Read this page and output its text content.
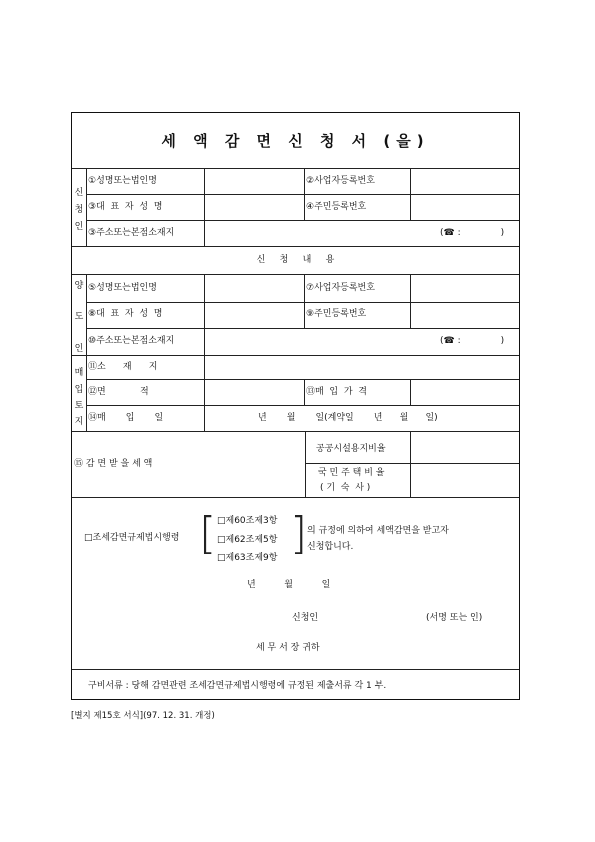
세 액 감 면 신 청 서 (을)
신
청
인
①성명또는법인명	②사업자등록번호
③대  표  자  성  명	④주민등록번호
③주소또는본점소재지	(☎ :              )
신     청     내     용
양
도
인
⑤성명또는법인명	⑦사업자등록번호
⑧대  표  자  성  명	⑨주민등록번호
⑩주소또는본점소재지	(☎ :              )
매
입
토
지
⑪소      재      지
⑫면            적	⑬매  입  가  격
⑭매       입       일	년       월       일(계약일       년      월      일)
⑮ 감 면 받 을 세 액
공공시설용지비율
국 민 주 택 비 율
( 기  숙  사 )
□조세감면규제법시행령 [ □제60조제3항
□제62조제5항
□제63조제9항 ] 의 규정에 의하여 세액감면을 받고자
신청합니다.
년          월          일
신청인	(서명 또는 인)
세 무 서 장 귀하
구비서류 : 당해 감면관련 조세감면규제법시행령에 규정된 제출서류 각 1 부.
[별지 제15호 서식](97. 12. 31. 개정)
